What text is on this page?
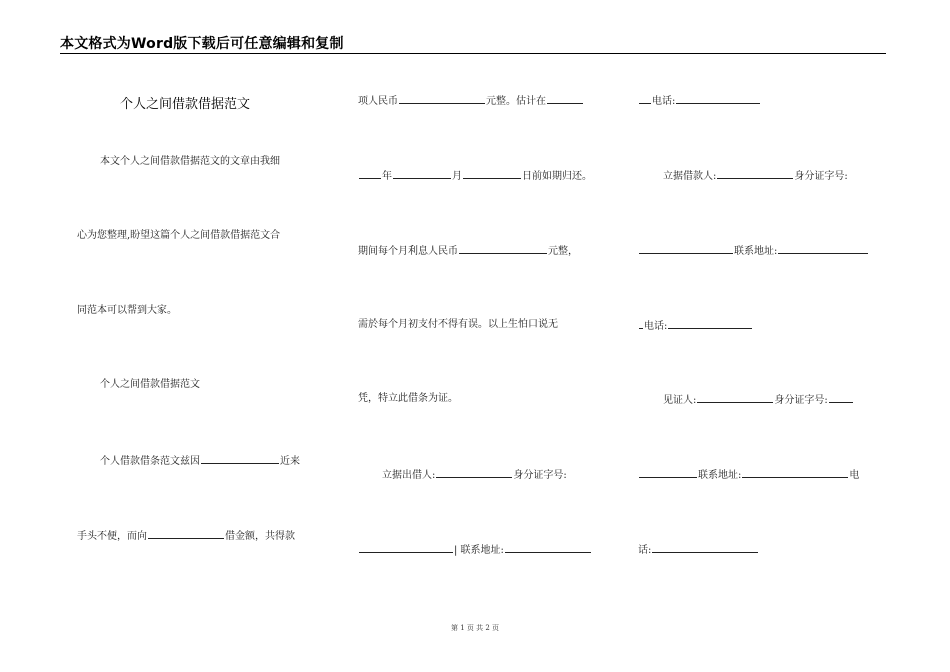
本文格式为Word版下载后可任意编辑和复制
个人之间借款借据范文
本文个人之间借款借据范文的文章由我细
心为您整理,盼望这篇个人之间借款借据范文合
同范本可以帮到大家。
个人之间借款借据范文
个人借款借条范文兹因	近来
手头不便，而向	借金额，共得款
项人民币	元整。估计在
年	月	日前如期归还。
期间每个月利息人民币	元整，
需於每个月初支付不得有误。以上生怕口说无
凭，特立此借条为证。
立据出借人:	身分证字号:
| 联系地址:
电话:
立据借款人:	身分证字号:
联系地址:
电话:
见证人:	身分证字号:
联系地址:	电
话:
第 1 页 共 2 页
